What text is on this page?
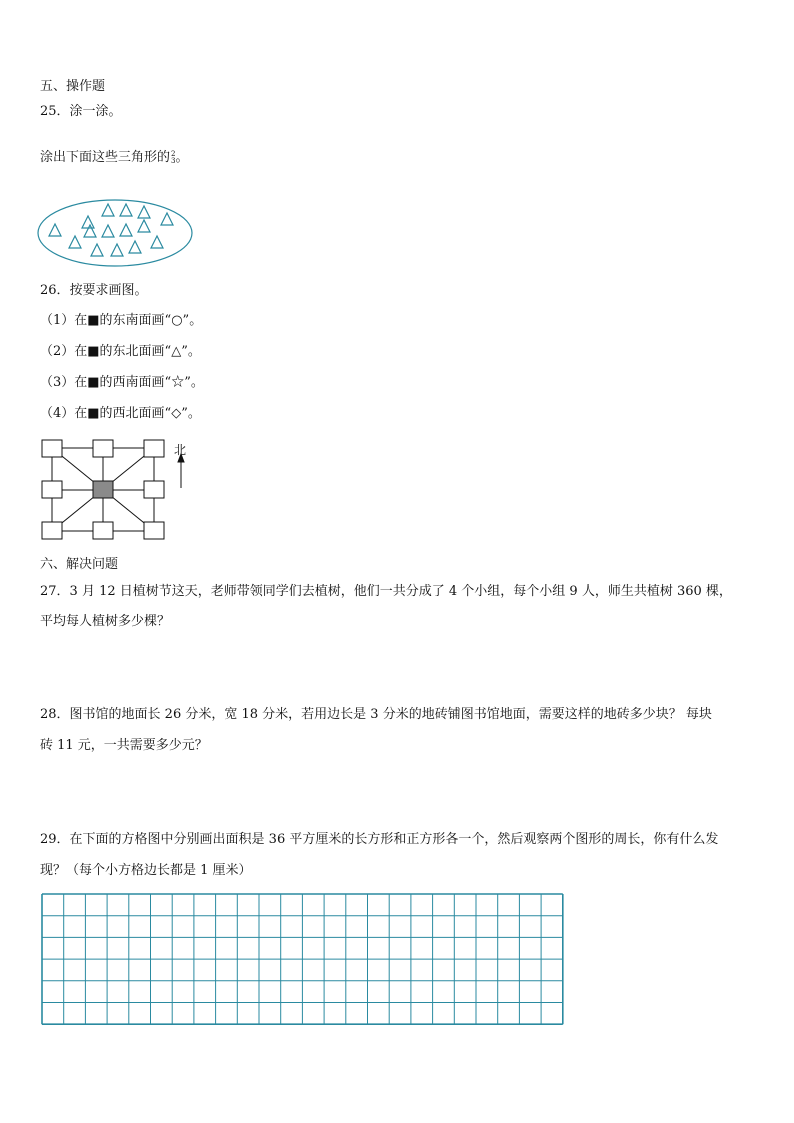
五、操作题
25．涂一涂。
涂出下面这些三角形的 2
3 。
26．按要求画图。
（1）在■的东南面画“○”。
（2）在■的东北面画“△”。
（3）在■的西南面画“☆”。
（4）在■的西北面画“◇”。
北
六、解决问题
27．3 月 12 日植树节这天，老师带领同学们去植树，他们一共分成了 4 个小组，每个小组 9 人，师生共植树 360 棵，
平均每人植树多少棵？
28．图书馆的地面长 26 分米，宽 18 分米，若用边长是 3 分米的地砖铺图书馆地面，需要这样的地砖多少块？ 每块
砖 11 元，一共需要多少元？
29．在下面的方格图中分别画出面积是 36 平方厘米的长方形和正方形各一个，然后观察两个图形的周长，你有什么发
现？（每个小方格边长都是 1 厘米）
